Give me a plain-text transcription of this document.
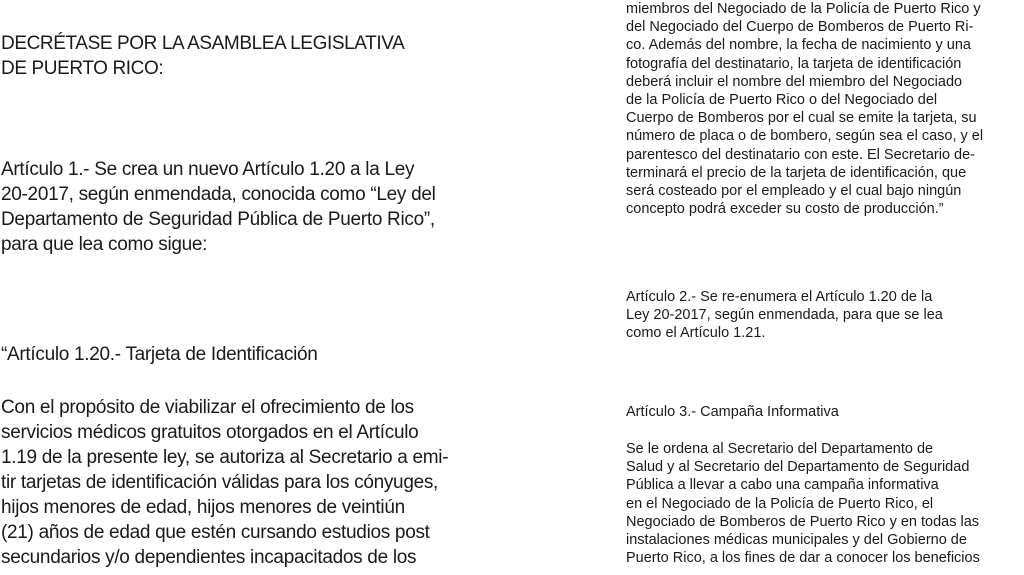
DECRÉTASE POR LA ASAMBLEA LEGISLATIVA
DE PUERTO RICO:

Artículo 1.- Se crea un nuevo Artículo 1.20 a la Ley
20-2017, según enmendada, conocida como “Ley del
Departamento de Seguridad Pública de Puerto Rico”,
para que lea como sigue:

“Artículo 1.20.- Tarjeta de Identificación

Con el propósito de viabilizar el ofrecimiento de los
servicios médicos gratuitos otorgados en el Artículo
1.19 de la presente ley, se autoriza al Secretario a emi-
tir tarjetas de identificación válidas para los cónyuges,
hijos menores de edad, hijos menores de veintiún
(21) años de edad que estén cursando estudios post
secundarios y/o dependientes incapacitados de los

miembros del Negociado de la Policía de Puerto Rico y
del Negociado del Cuerpo de Bomberos de Puerto Ri-
co. Además del nombre, la fecha de nacimiento y una
fotografía del destinatario, la tarjeta de identificación
deberá incluir el nombre del miembro del Negociado
de la Policía de Puerto Rico o del Negociado del
Cuerpo de Bomberos por el cual se emite la tarjeta, su
número de placa o de bombero, según sea el caso, y el
parentesco del destinatario con este. El Secretario de-
terminará el precio de la tarjeta de identificación, que
será costeado por el empleado y el cual bajo ningún
concepto podrá exceder su costo de producción.”

Artículo 2.- Se re-enumera el Artículo 1.20 de la
Ley 20-2017, según enmendada, para que se lea
como el Artículo 1.21.

Artículo 3.- Campaña Informativa

Se le ordena al Secretario del Departamento de
Salud y al Secretario del Departamento de Seguridad
Pública a llevar a cabo una campaña informativa
en el Negociado de la Policía de Puerto Rico, el
Negociado de Bomberos de Puerto Rico y en todas las
instalaciones médicas municipales y del Gobierno de
Puerto Rico, a los fines de dar a conocer los beneficios
